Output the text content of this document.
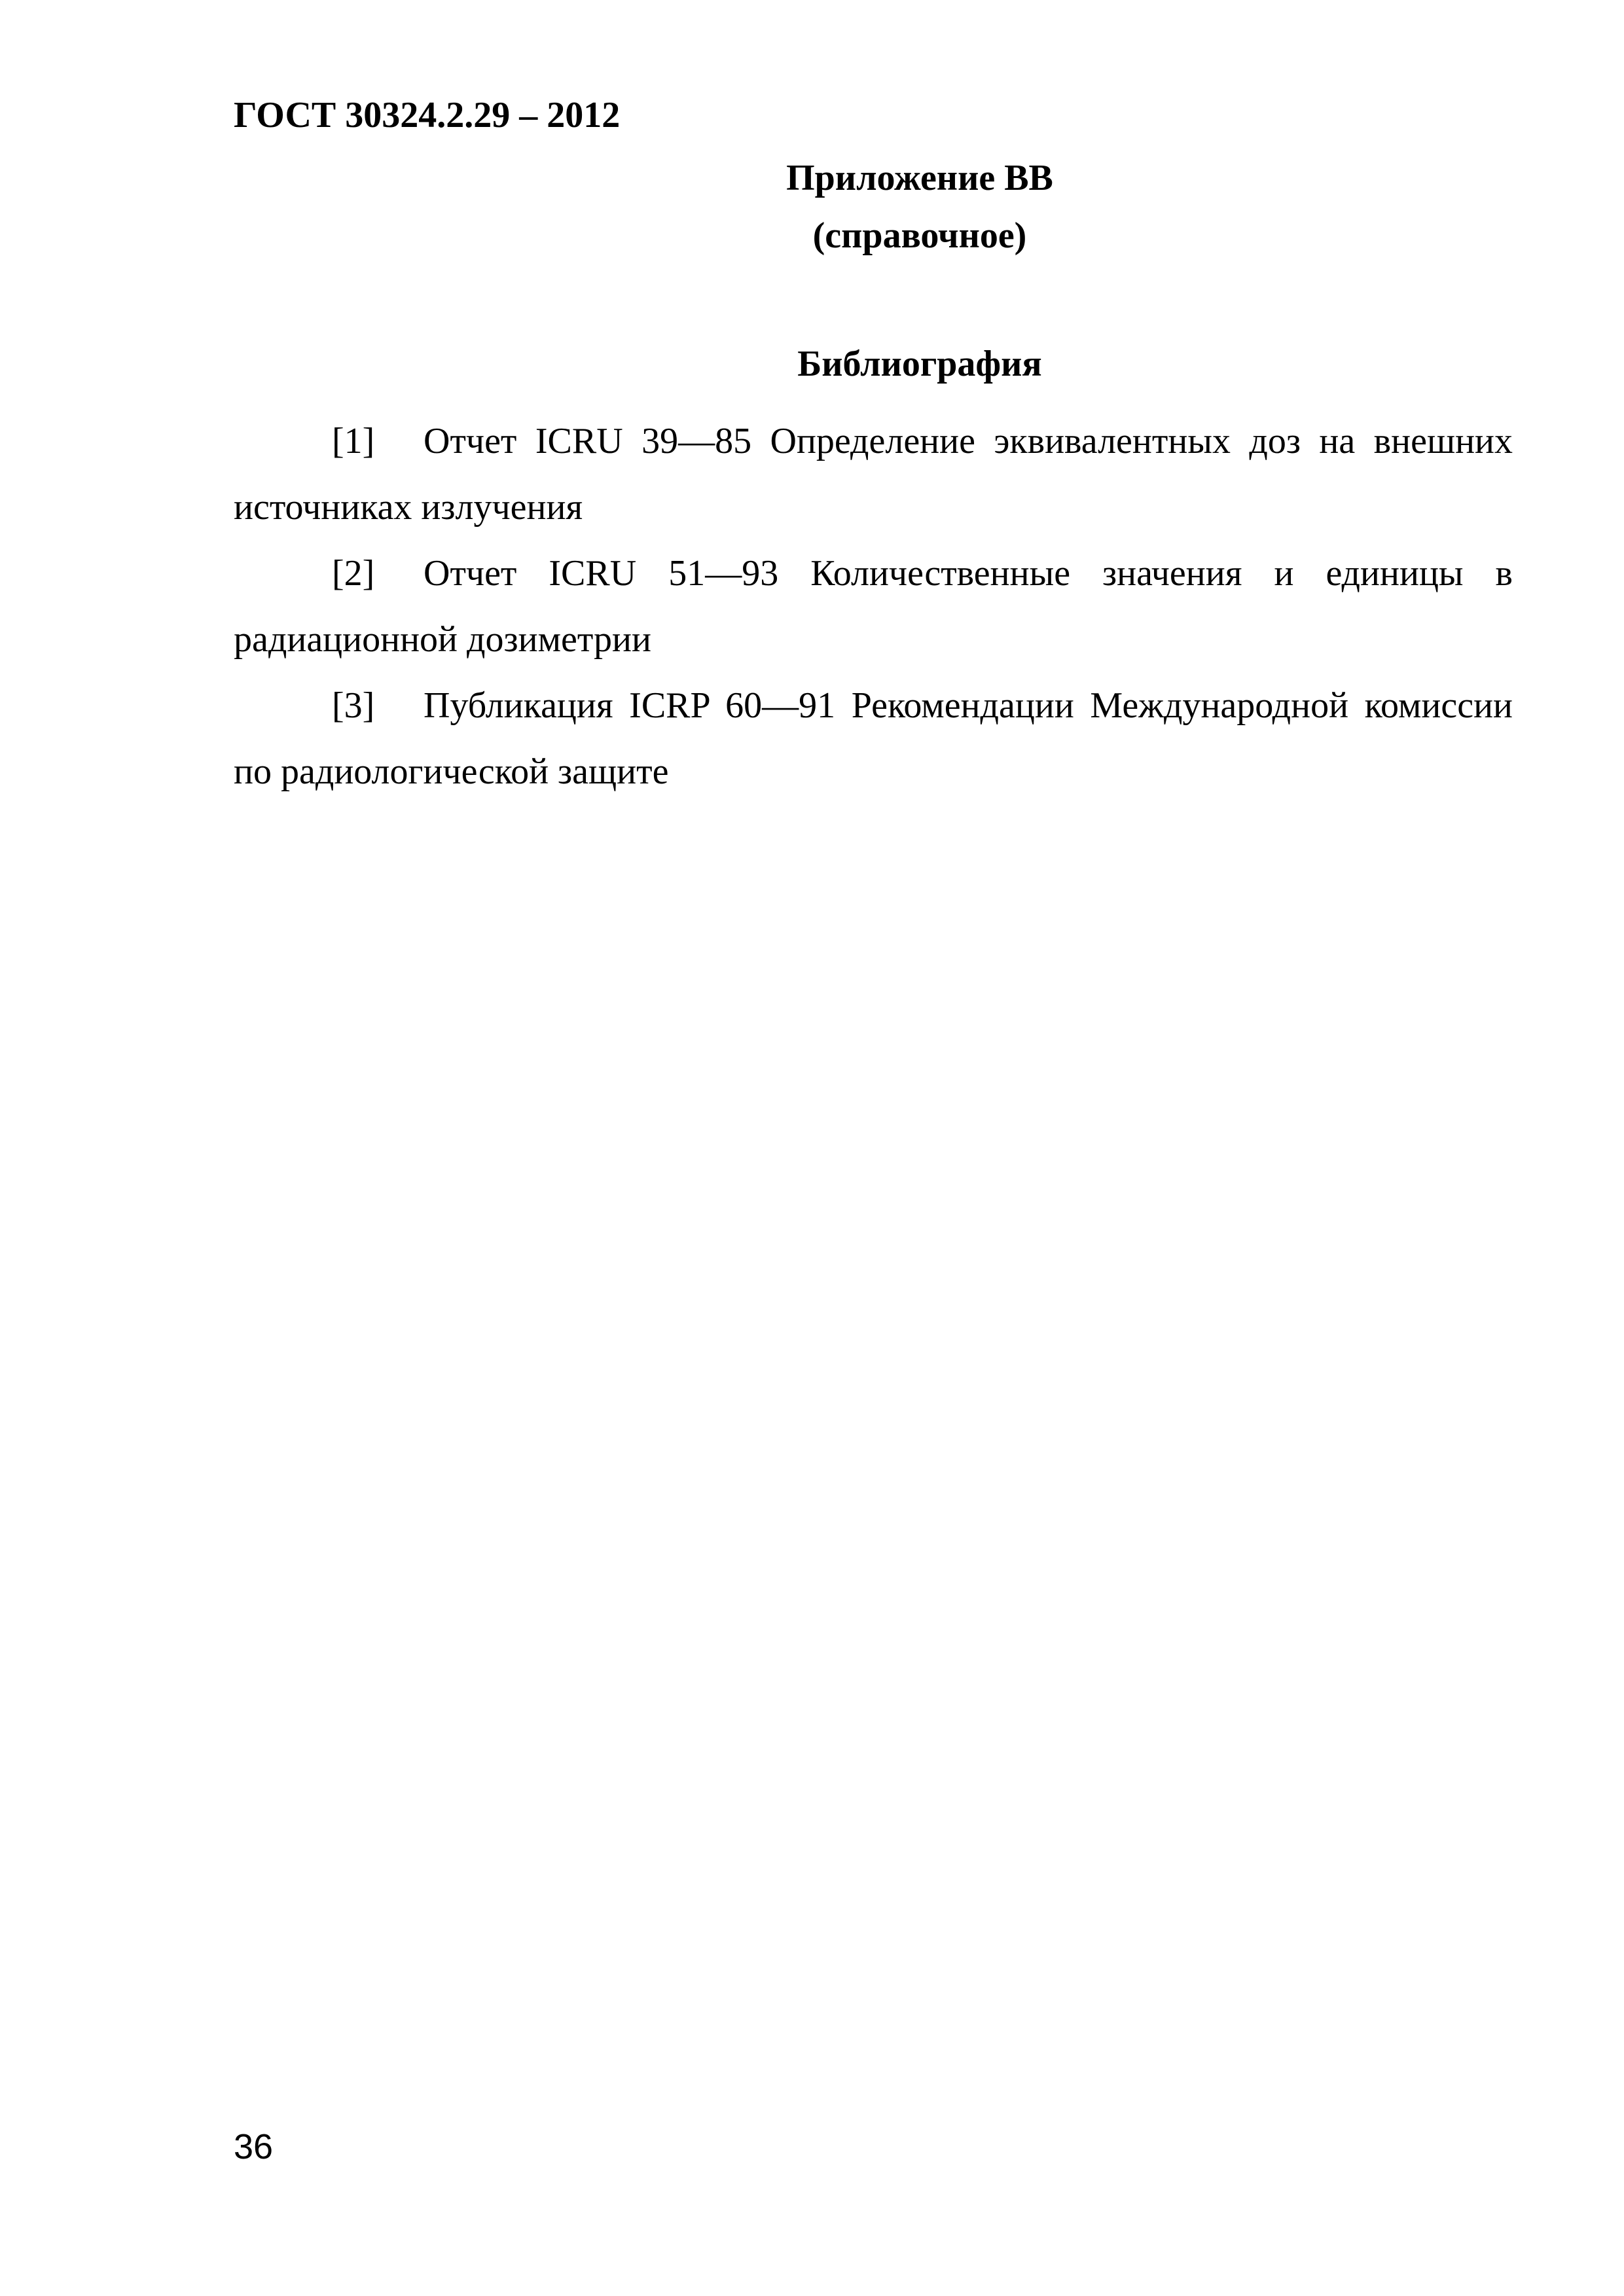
ГОСТ 30324.2.29 – 2012
Приложение ВВ
(справочное)
Библиография

[1] Отчет ICRU 39—85 Определение эквивалентных доз на внешних источниках излучения

[2] Отчет ICRU 51—93 Количественные значения и единицы в радиационной дозиметрии

[3] Публикация ICRP 60—91 Рекомендации Международной комиссии по радиологической защите

36
